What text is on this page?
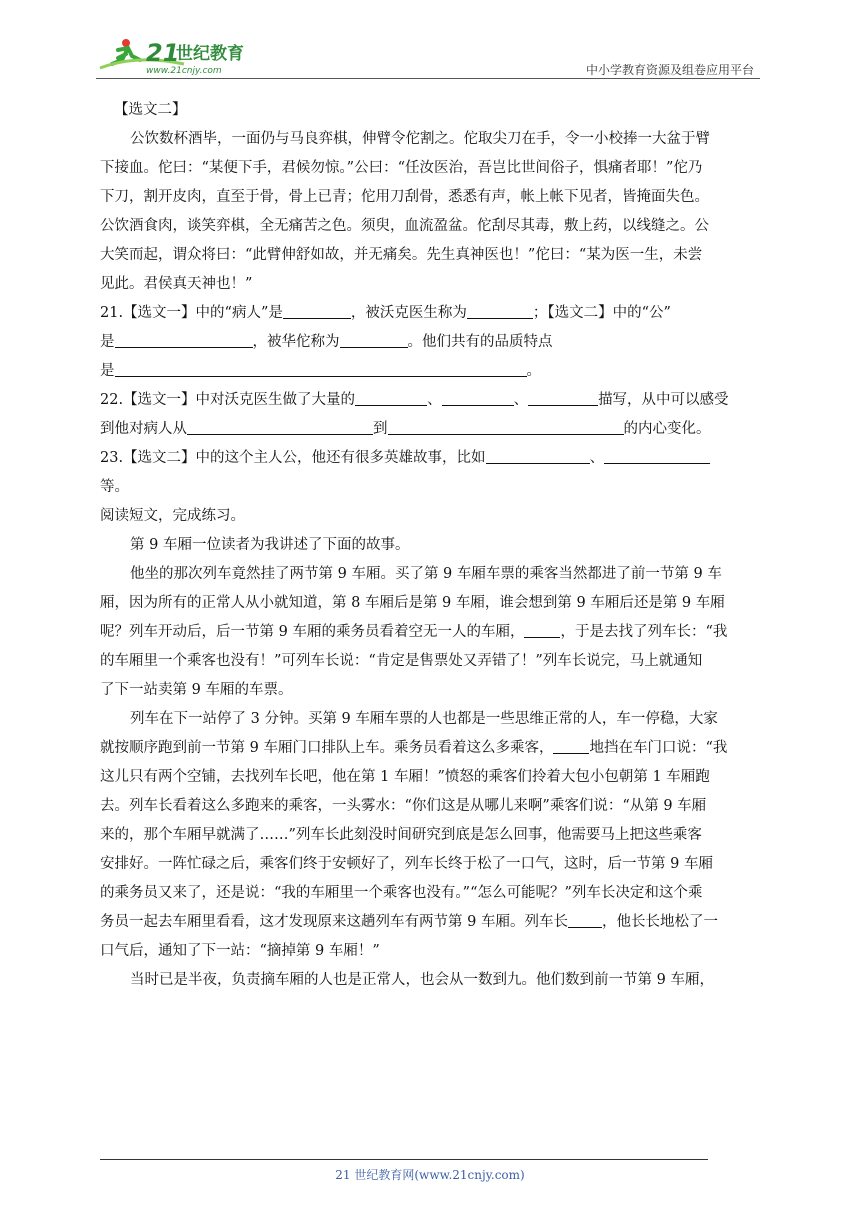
21
世纪教育
www.21cnjy.com	中小学教育资源及组卷应用平台
【选文二】
公饮数杯酒毕，一面仍与马良弈棋，伸臂令佗割之。佗取尖刀在手，令一小校捧一大盆于臂
下接血。佗曰：“某便下手，君候勿惊。”公曰：“任汝医治，吾岂比世间俗子，惧痛者耶！”佗乃
下刀，割开皮肉，直至于骨，骨上已青；佗用刀刮骨，悉悉有声，帐上帐下见者，皆掩面失色。
公饮酒食肉，谈笑弈棋，全无痛苦之色。须臾，血流盈盆。佗刮尽其毒，敷上药，以线缝之。公
大笑而起，谓众将曰：“此臂伸舒如故，并无痛矣。先生真神医也！”佗曰：“某为医一生，未尝
见此。君侯真天神也！”
21.【选文一】中的“病人”是	，被沃克医生称为	；【选文二】中的“公”
是	，被华佗称为	。他们共有的品质特点
是	。
22.【选文一】中对沃克医生做了大量的	、	、	描写，从中可以感受
到他对病人从	到	的内心变化。
23.【选文二】中的这个主人公，他还有很多英雄故事，比如	、
等。
阅读短文，完成练习。
第 9 车厢一位读者为我讲述了下面的故事。
他坐的那次列车竟然挂了两节第 9 车厢。买了第 9 车厢车票的乘客当然都进了前一节第 9 车
厢，因为所有的正常人从小就知道，第 8 车厢后是第 9 车厢，谁会想到第 9 车厢后还是第 9 车厢
呢？列车开动后，后一节第 9 车厢的乘务员看着空无一人的车厢， ，于是去找了列车长：“我
的车厢里一个乘客也没有！”可列车长说：“肯定是售票处又弄错了！”列车长说完，马上就通知
了下一站卖第 9 车厢的车票。
列车在下一站停了 3 分钟。买第 9 车厢车票的人也都是一些思维正常的人，车一停稳，大家
就按顺序跑到前一节第 9 车厢门口排队上车。乘务员看着这么多乘客， 地挡在车门口说：“我
这儿只有两个空铺，去找列车长吧，他在第 1 车厢！”愤怒的乘客们拎着大包小包朝第 1 车厢跑
去。列车长看着这么多跑来的乘客，一头雾水：“你们这是从哪儿来啊”乘客们说：“从第 9 车厢
来的，那个车厢早就满了……”列车长此刻没时间研究到底是怎么回事，他需要马上把这些乘客
安排好。一阵忙碌之后，乘客们终于安顿好了，列车长终于松了一口气，这时，后一节第 9 车厢
的乘务员又来了，还是说：“我的车厢里一个乘客也没有。”“怎么可能呢？”列车长决定和这个乘
务员一起去车厢里看看，这才发现原来这趟列车有两节第 9 车厢。列车长 ，他长长地松了一
口气后，通知了下一站：“摘掉第 9 车厢！”
当时已是半夜，负责摘车厢的人也是正常人，也会从一数到九。他们数到前一节第 9 车厢，
21 世纪教育网(www.21cnjy.com)
